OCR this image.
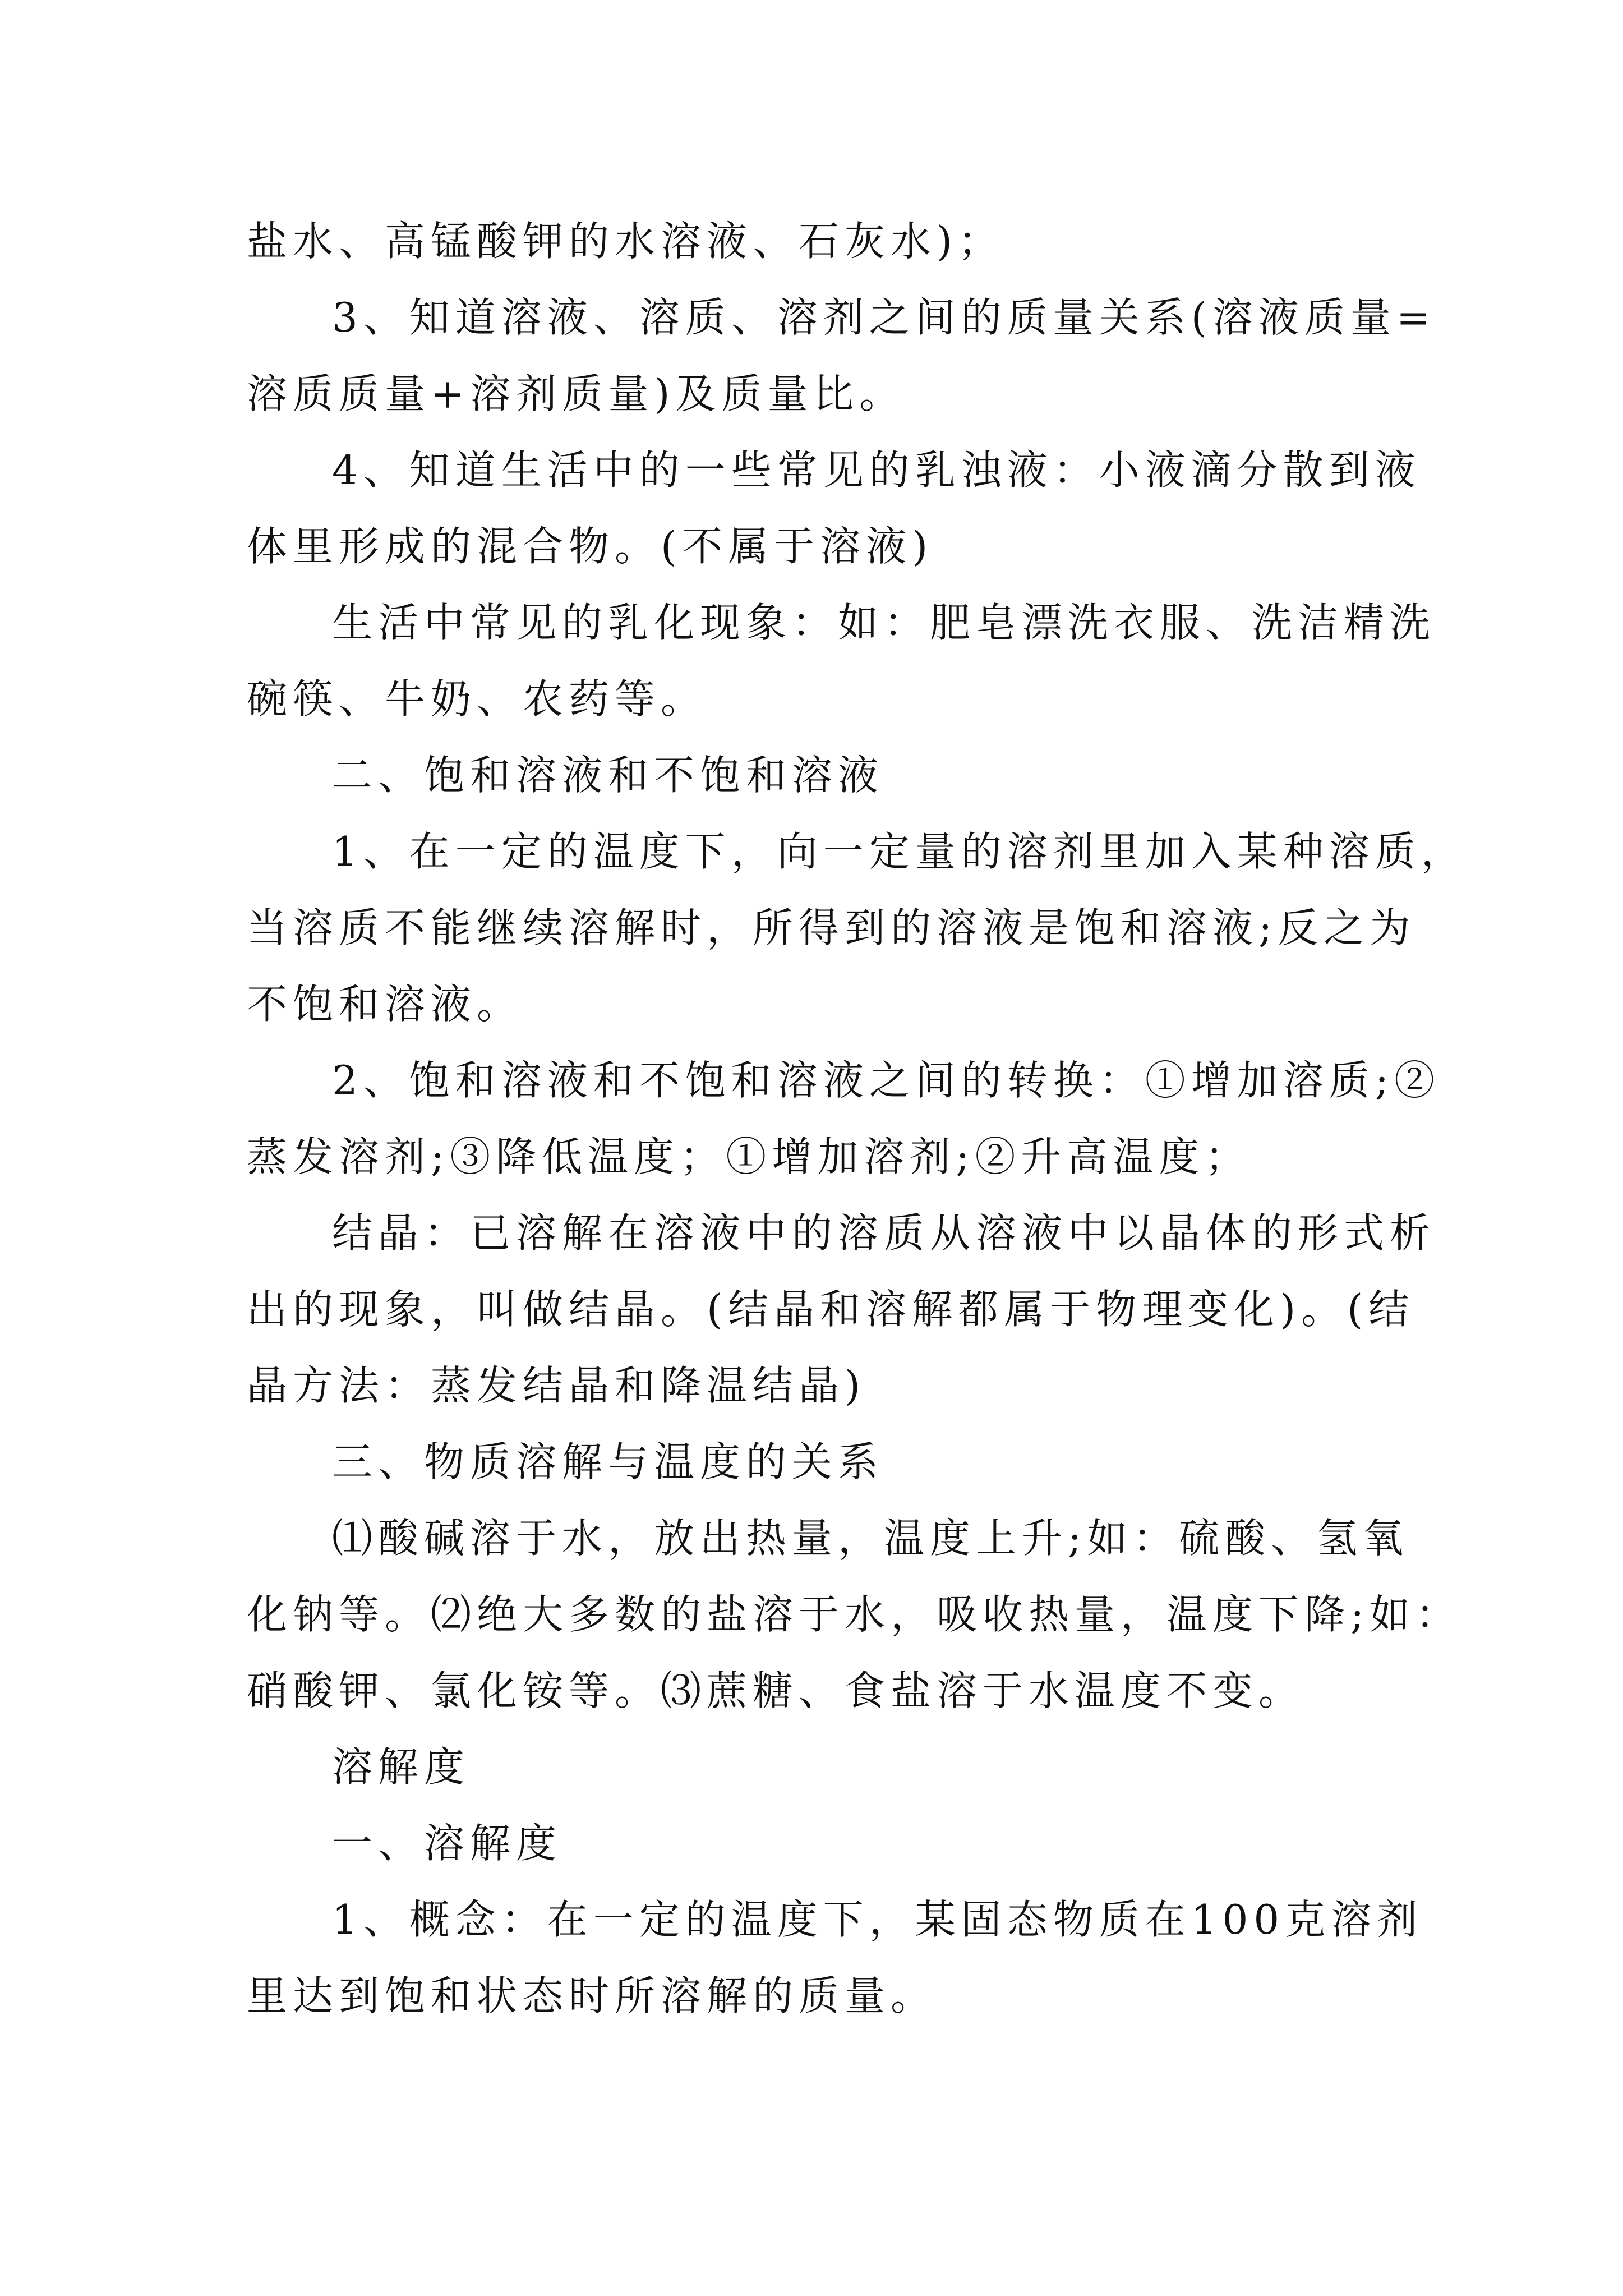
盐水、高锰酸钾的水溶液、石灰水)；
3、知道溶液、溶质、溶剂之间的质量关系(溶液质量=
溶质质量+溶剂质量)及质量比。
4、知道生活中的一些常见的乳浊液：小液滴分散到液
体里形成的混合物。(不属于溶液)
生活中常见的乳化现象：如：肥皂漂洗衣服、洗洁精洗
碗筷、牛奶、农药等。
二、饱和溶液和不饱和溶液
1、在一定的温度下，向一定量的溶剂里加入某种溶质，
当溶质不能继续溶解时，所得到的溶液是饱和溶液;反之为
不饱和溶液。
2、饱和溶液和不饱和溶液之间的转换：①增加溶质;②
蒸发溶剂;③降低温度；①增加溶剂;②升高温度；
结晶：已溶解在溶液中的溶质从溶液中以晶体的形式析
出的现象，叫做结晶。(结晶和溶解都属于物理变化)。(结
晶方法：蒸发结晶和降温结晶)
三、物质溶解与温度的关系
⑴酸碱溶于水，放出热量，温度上升;如：硫酸、氢氧
化钠等。⑵绝大多数的盐溶于水，吸收热量，温度下降;如：
硝酸钾、氯化铵等。⑶蔗糖、食盐溶于水温度不变。
溶解度
一、溶解度
1、概念：在一定的温度下，某固态物质在100克溶剂
里达到饱和状态时所溶解的质量。
